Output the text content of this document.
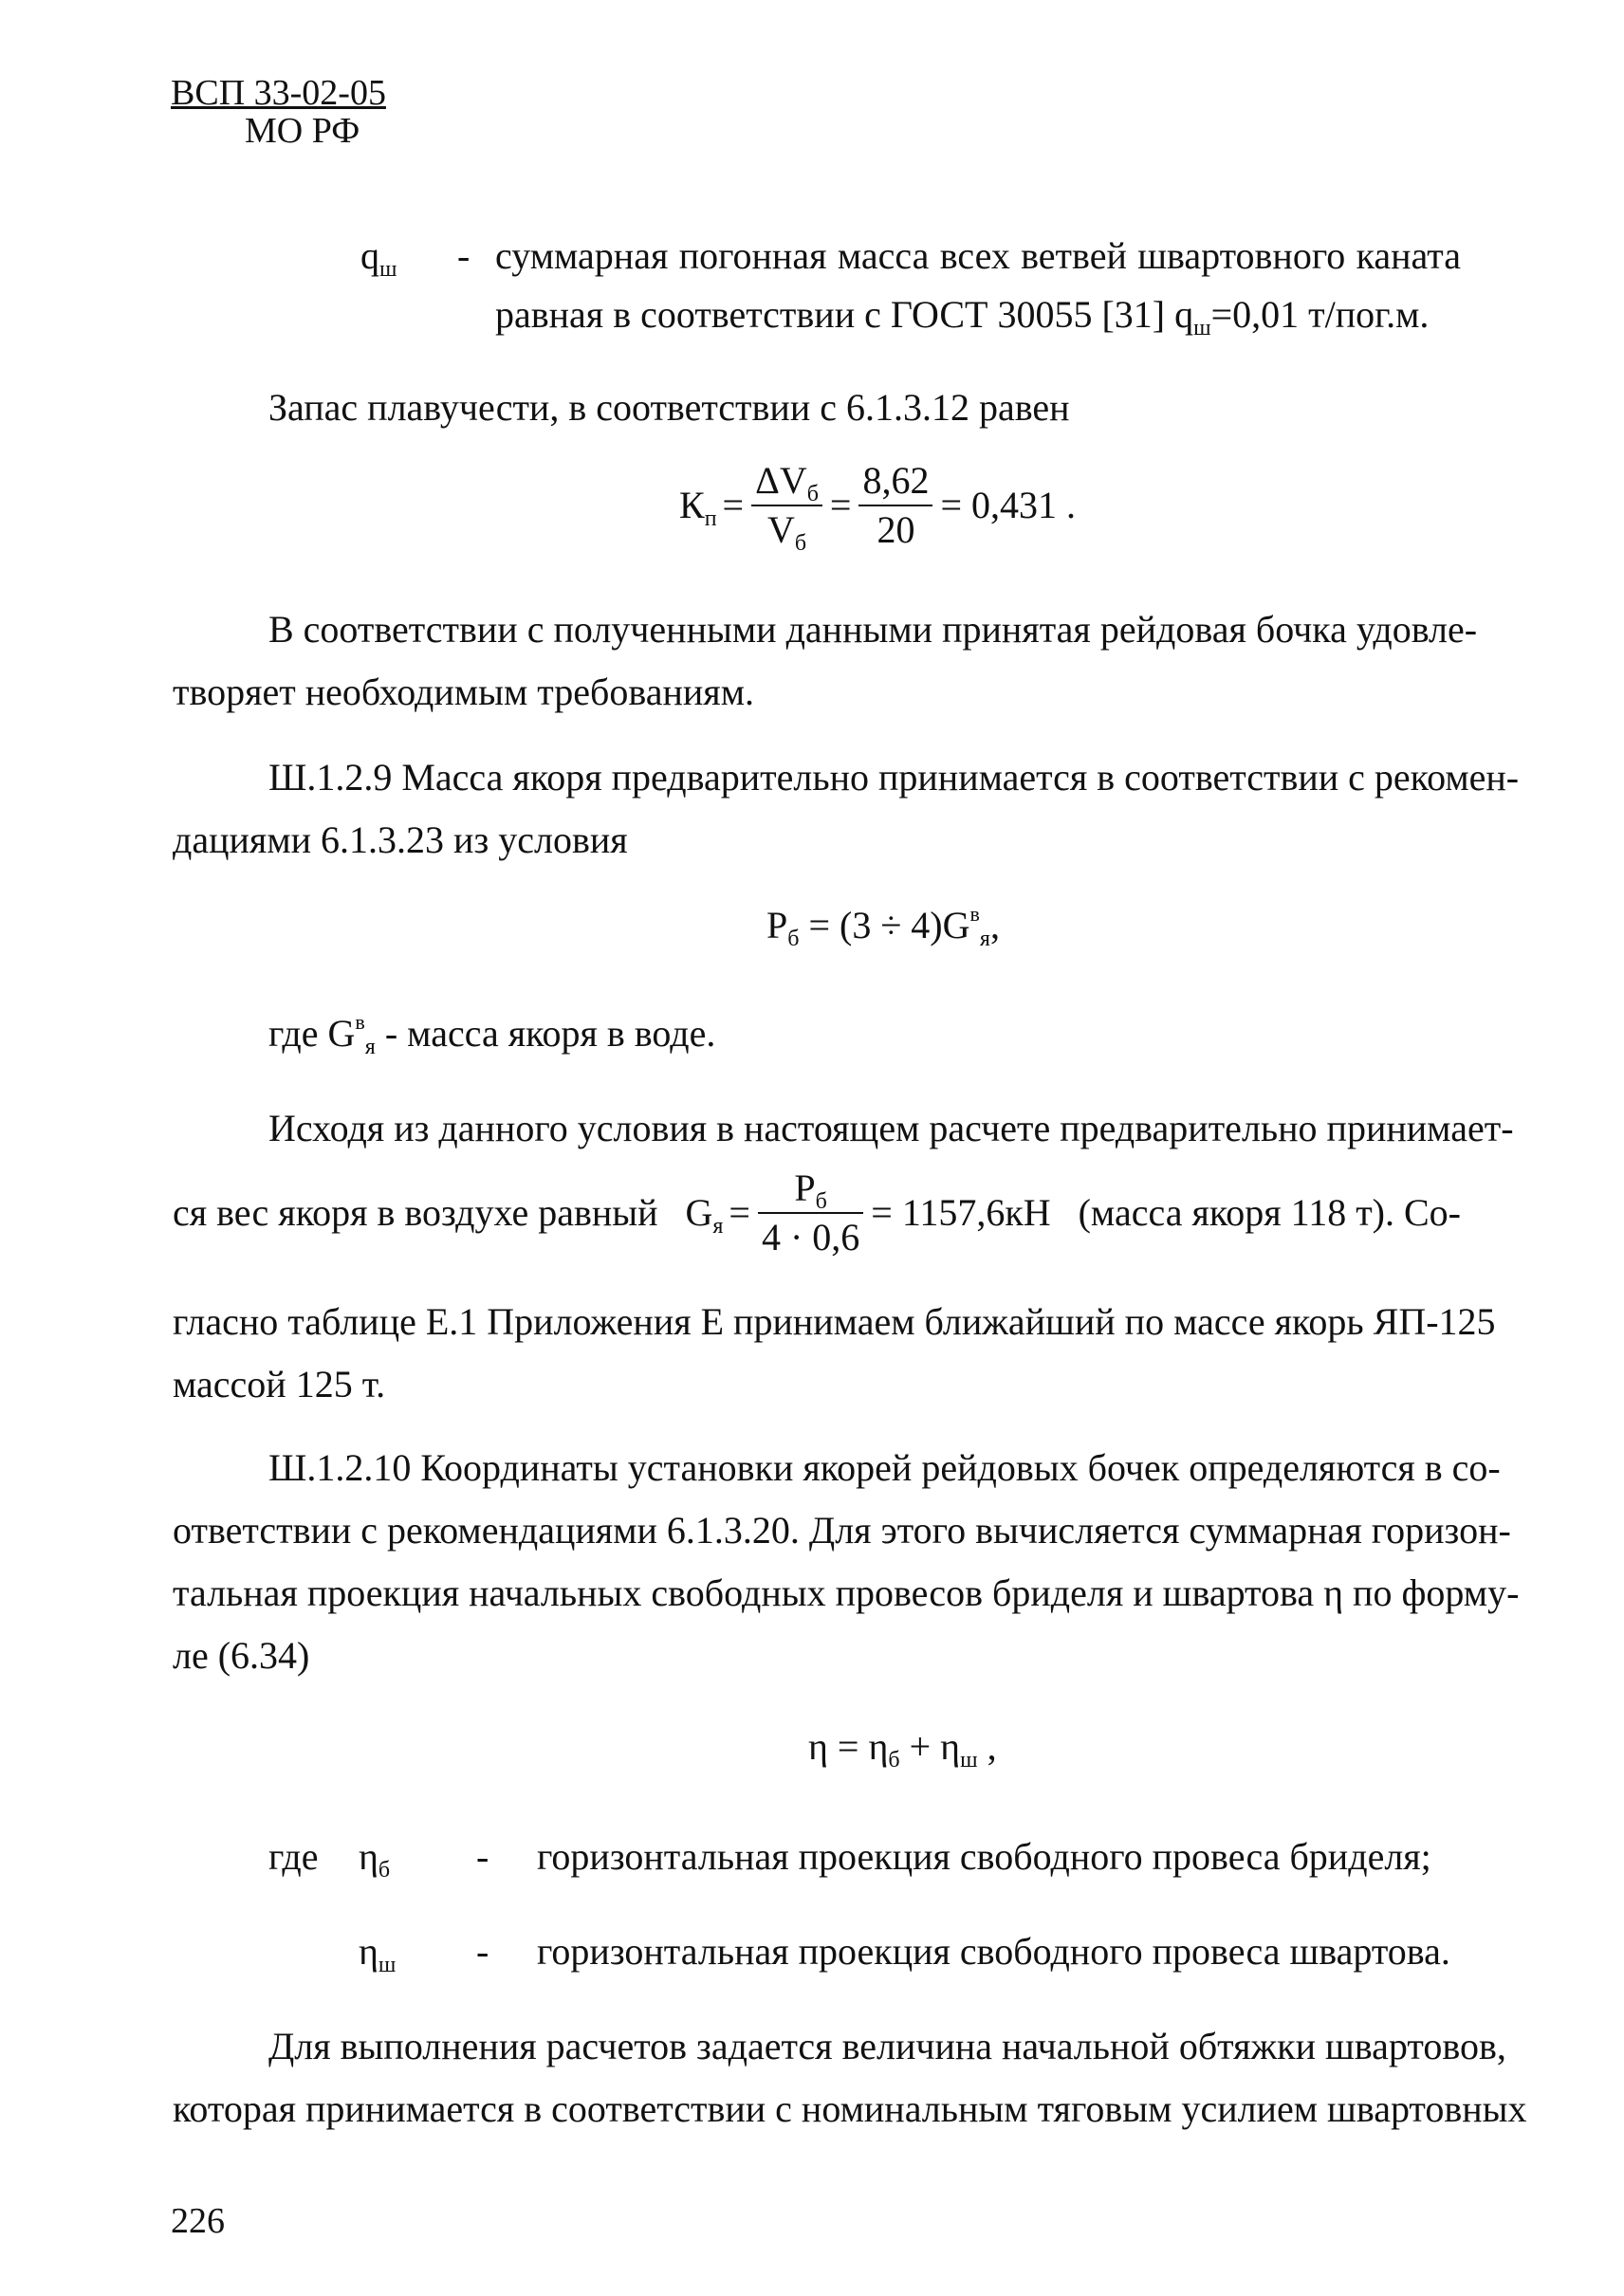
ВСП 33-02-05
МО РФ
$q_ш$ - суммарная погонная масса всех ветвей швартовного каната
равная в соответствии с ГОСТ 30055 [31] $q_ш=0,01$ т/пог.м.
Запас плавучести, в соответствии с 6.1.3.12 равен
$К_п = \frac{\Delta V_б}{V_б} = \frac{8,62}{20} = 0,431$ .
В соответствии с полученными данными принятая рейдовая бочка удовле-
творяет необходимым требованиям.
Ш.1.2.9 Масса якоря предварительно принимается в соответствии с рекомен-
дациями 6.1.3.23 из условия
$Р_б = (3 \div 4)G^в_я$,
где $G^в_я$ - масса якоря в воде.
Исходя из данного условия в настоящем расчете предварительно принимает-
ся вес якоря в воздухе равный $G_я = \frac{Р_б}{4 \cdot 0,6} = 1157,6кН$ (масса якоря 118 т). Со-
гласно таблице Е.1 Приложения Е принимаем ближайший по массе якорь ЯП-125
массой 125 т.
Ш.1.2.10 Координаты установки якорей рейдовых бочек определяются в со-
ответствии с рекомендациями 6.1.3.20. Для этого вычисляется суммарная горизон-
тальная проекция начальных свободных провесов бриделя и швартова η по форму-
ле (6.34)
$\eta = \eta_б + \eta_ш$ ,
где $\eta_б$ - горизонтальная проекция свободного провеса бриделя;
$\eta_ш$ - горизонтальная проекция свободного провеса швартова.
Для выполнения расчетов задается величина начальной обтяжки швартовов,
которая принимается в соответствии с номинальным тяговым усилием швартовных
226
